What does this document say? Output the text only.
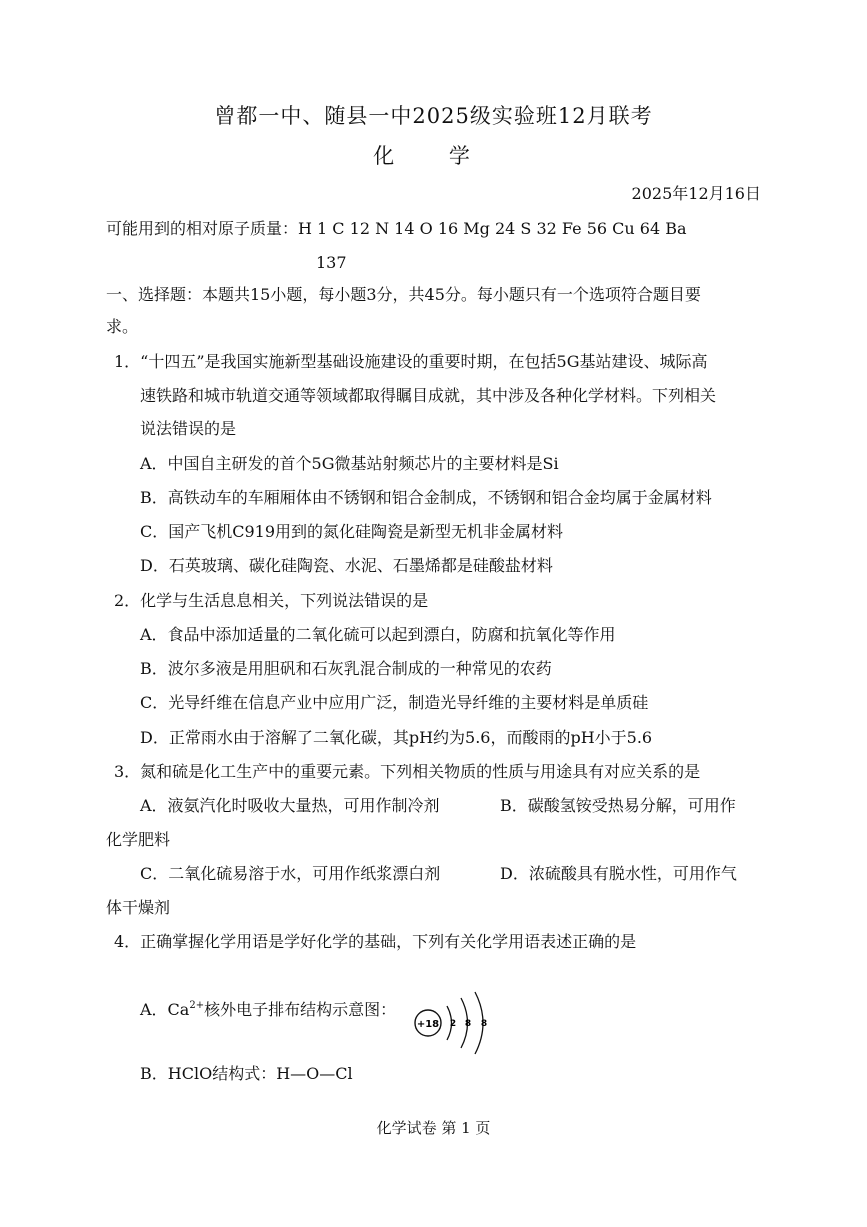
曾都一中、随县一中2025级实验班12月联考
化 学
2025年12月16日
可能用到的相对原子质量：H 1 C 12 N 14 O 16 Mg 24 S 32 Fe 56 Cu 64 Ba
137
一、选择题：本题共15小题，每小题3分，共45分。每小题只有一个选项符合题目要
求。
1．“十四五”是我国实施新型基础设施建设的重要时期，在包括5G基站建设、城际高
速铁路和城市轨道交通等领域都取得瞩目成就，其中涉及各种化学材料。下列相关
说法错误的是
A．中国自主研发的首个5G微基站射频芯片的主要材料是Si
B．高铁动车的车厢厢体由不锈钢和铝合金制成，不锈钢和铝合金均属于金属材料
C．国产飞机C919用到的氮化硅陶瓷是新型无机非金属材料
D．石英玻璃、碳化硅陶瓷、水泥、石墨烯都是硅酸盐材料
2．化学与生活息息相关，下列说法错误的是
A．食品中添加适量的二氧化硫可以起到漂白，防腐和抗氧化等作用
B．波尔多液是用胆矾和石灰乳混合制成的一种常见的农药
C．光导纤维在信息产业中应用广泛，制造光导纤维的主要材料是单质硅
D．正常雨水由于溶解了二氧化碳，其pH约为5.6，而酸雨的pH小于5.6
3．氮和硫是化工生产中的重要元素。下列相关物质的性质与用途具有对应关系的是
A．液氨汽化时吸收大量热，可用作制冷剂	B．碳酸氢铵受热易分解，可用作
化学肥料
C．二氧化硫易溶于水，可用作纸浆漂白剂	D．浓硫酸具有脱水性，可用作气
体干燥剂
4．正确掌握化学用语是学好化学的基础，下列有关化学用语表述正确的是
A．$Ca^{2+}$核外电子排布结构示意图：
+18 2 8 8
B．HClO结构式：H—O—Cl
化学试卷 第 1 页
